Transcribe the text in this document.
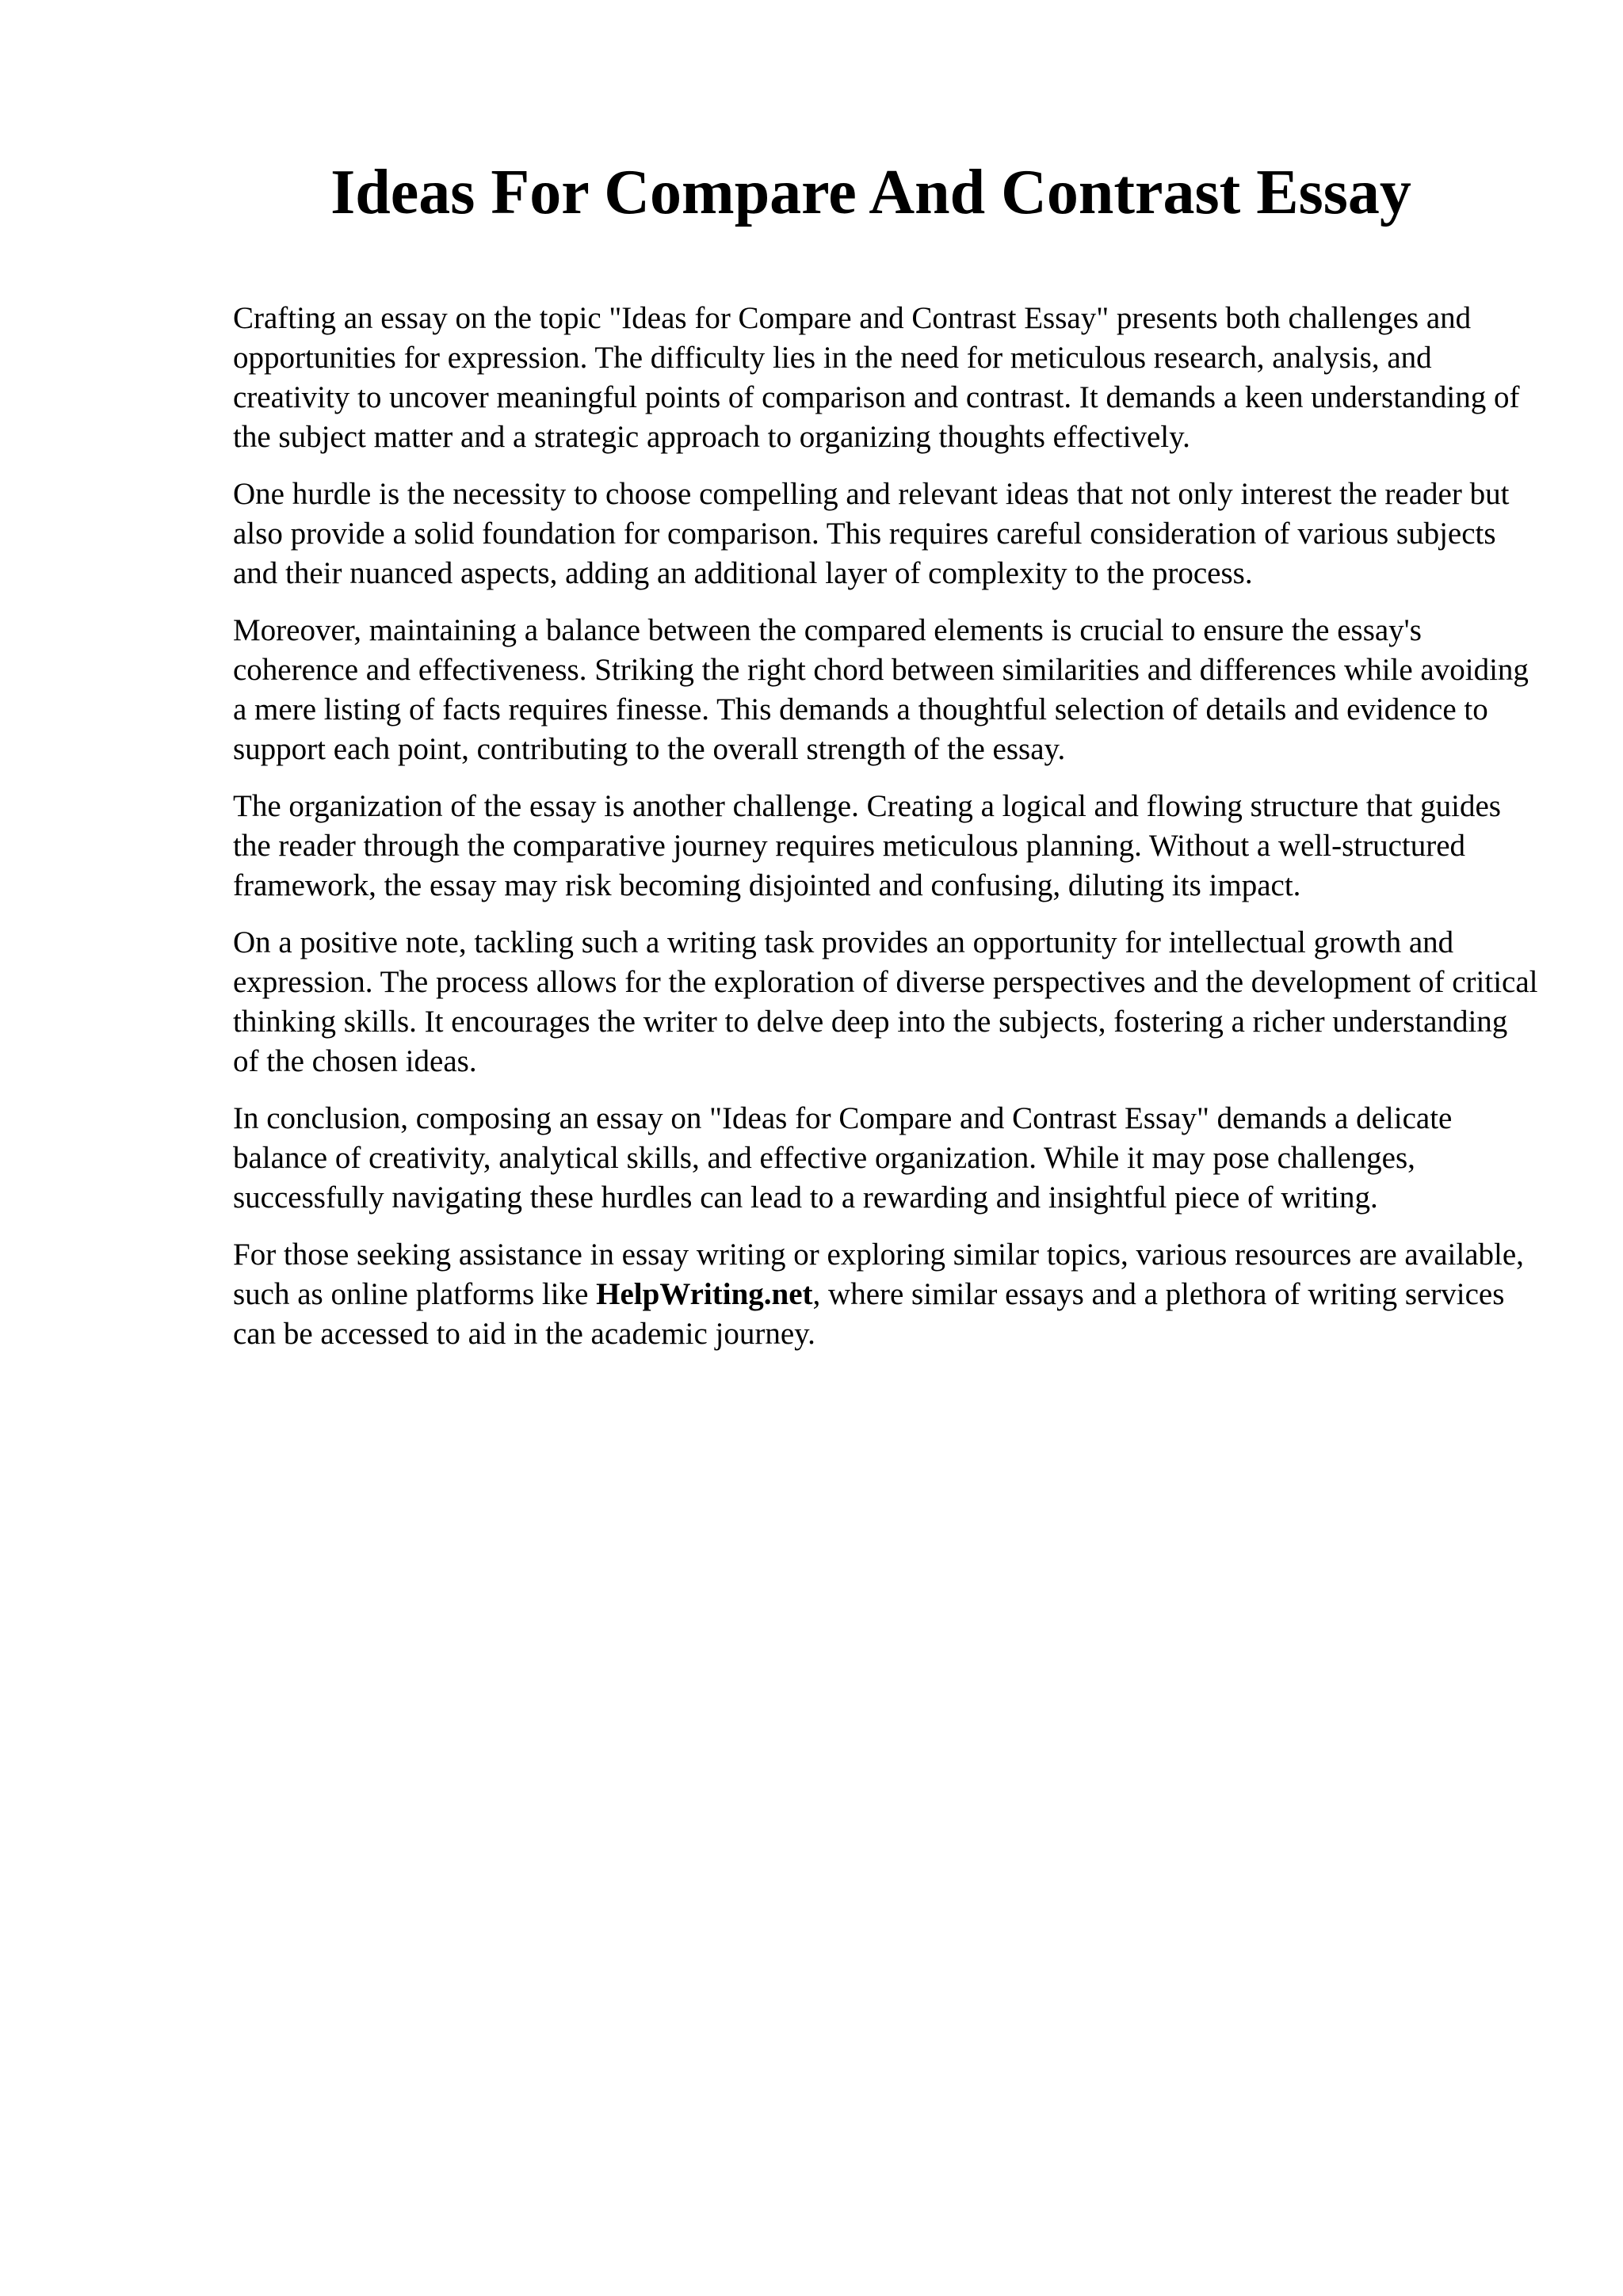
Ideas For Compare And Contrast Essay

Crafting an essay on the topic "Ideas for Compare and Contrast Essay" presents both challenges and opportunities for expression. The difficulty lies in the need for meticulous research, analysis, and creativity to uncover meaningful points of comparison and contrast. It demands a keen understanding of the subject matter and a strategic approach to organizing thoughts effectively.

One hurdle is the necessity to choose compelling and relevant ideas that not only interest the reader but also provide a solid foundation for comparison. This requires careful consideration of various subjects and their nuanced aspects, adding an additional layer of complexity to the process.

Moreover, maintaining a balance between the compared elements is crucial to ensure the essay's coherence and effectiveness. Striking the right chord between similarities and differences while avoiding a mere listing of facts requires finesse. This demands a thoughtful selection of details and evidence to support each point, contributing to the overall strength of the essay.

The organization of the essay is another challenge. Creating a logical and flowing structure that guides the reader through the comparative journey requires meticulous planning. Without a well-structured framework, the essay may risk becoming disjointed and confusing, diluting its impact.

On a positive note, tackling such a writing task provides an opportunity for intellectual growth and expression. The process allows for the exploration of diverse perspectives and the development of critical thinking skills. It encourages the writer to delve deep into the subjects, fostering a richer understanding of the chosen ideas.

In conclusion, composing an essay on "Ideas for Compare and Contrast Essay" demands a delicate balance of creativity, analytical skills, and effective organization. While it may pose challenges, successfully navigating these hurdles can lead to a rewarding and insightful piece of writing.

For those seeking assistance in essay writing or exploring similar topics, various resources are available, such as online platforms like HelpWriting.net, where similar essays and a plethora of writing services can be accessed to aid in the academic journey.
